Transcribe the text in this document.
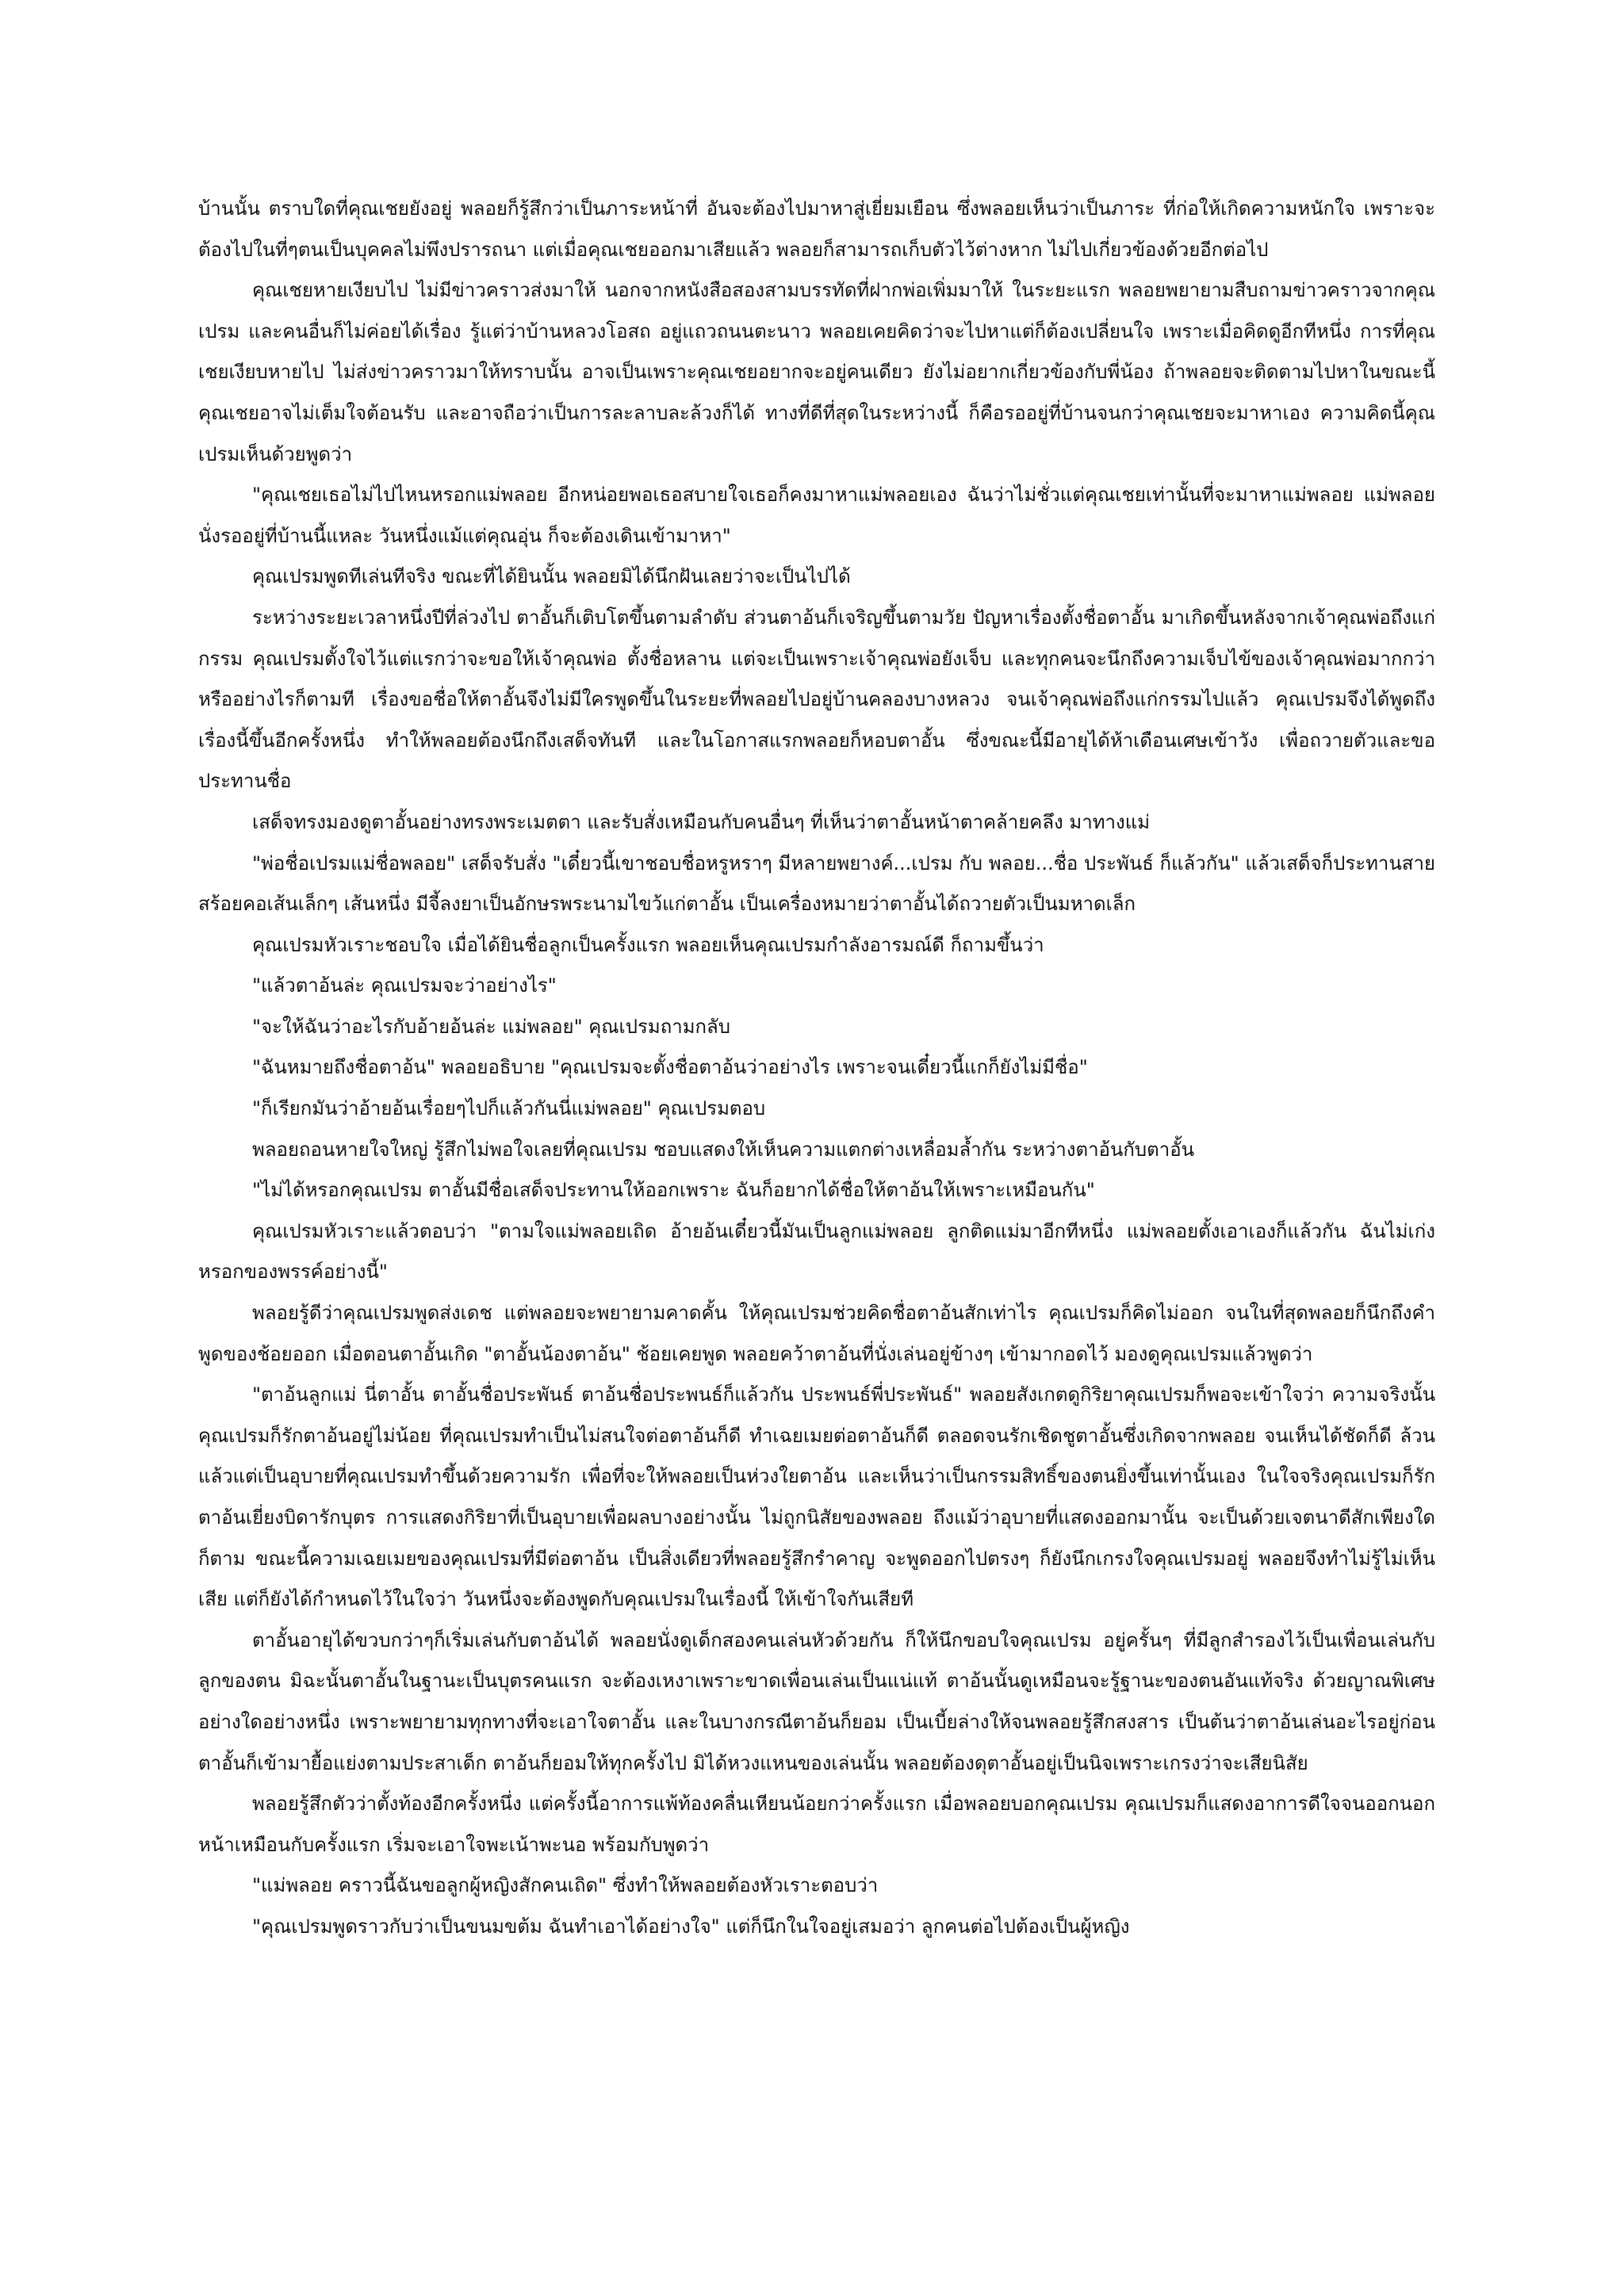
บ้านนั้น ตราบใดที่คุณเชยยังอยู่ พลอยก็รู้สึกว่าเป็นภาระหน้าที่ อันจะต้องไปมาหาสู่เยี่ยมเยือน ซึ่งพลอยเห็นว่าเป็นภาระ ที่ก่อให้เกิดความหนักใจ เพราะจะต้องไปในที่ๆตนเป็นบุคคลไม่พึงปรารถนา แต่เมื่อคุณเชยออกมาเสียแล้ว พลอยก็สามารถเก็บตัวไว้ต่างหาก ไม่ไปเกี่ยวข้องด้วยอีกต่อไป

คุณเชยหายเงียบไป ไม่มีข่าวคราวส่งมาให้ นอกจากหนังสือสองสามบรรทัดที่ฝากพ่อเพิ่มมาให้ ในระยะแรก พลอยพยายามสืบถามข่าวคราวจากคุณเปรม และคนอื่นก็ไม่ค่อยได้เรื่อง รู้แต่ว่าบ้านหลวงโอสถ อยู่แถวถนนตะนาว พลอยเคยคิดว่าจะไปหาแต่ก็ต้องเปลี่ยนใจ เพราะเมื่อคิดดูอีกทีหนึ่ง การที่คุณเชยเงียบหายไป ไม่ส่งข่าวคราวมาให้ทราบนั้น อาจเป็นเพราะคุณเชยอยากจะอยู่คนเดียว ยังไม่อยากเกี่ยวข้องกับพี่น้อง ถ้าพลอยจะติดตามไปหาในขณะนี้ คุณเชยอาจไม่เต็มใจต้อนรับ และอาจถือว่าเป็นการละลาบละล้วงก็ได้ ทางที่ดีที่สุดในระหว่างนี้ ก็คือรออยู่ที่บ้านจนกว่าคุณเชยจะมาหาเอง ความคิดนี้คุณเปรมเห็นด้วยพูดว่า

"คุณเชยเธอไม่ไปไหนหรอกแม่พลอย อีกหน่อยพอเธอสบายใจเธอก็คงมาหาแม่พลอยเอง ฉันว่าไม่ชั่วแต่คุณเชยเท่านั้นที่จะมาหาแม่พลอย แม่พลอยนั่งรออยู่ที่บ้านนี้แหละ วันหนึ่งแม้แต่คุณอุ่น ก็จะต้องเดินเข้ามาหา"

คุณเปรมพูดทีเล่นทีจริง ขณะที่ได้ยินนั้น พลอยมิได้นึกฝันเลยว่าจะเป็นไปได้

ระหว่างระยะเวลาหนึ่งปีที่ล่วงไป ตาอั้นก็เติบโตขึ้นตามลำดับ ส่วนตาอ้นก็เจริญขึ้นตามวัย ปัญหาเรื่องตั้งชื่อตาอั้น มาเกิดขึ้นหลังจากเจ้าคุณพ่อถึงแก่กรรม คุณเปรมตั้งใจไว้แต่แรกว่าจะขอให้เจ้าคุณพ่อ ตั้งชื่อหลาน แต่จะเป็นเพราะเจ้าคุณพ่อยังเจ็บ และทุกคนจะนึกถึงความเจ็บไข้ของเจ้าคุณพ่อมากกว่า หรืออย่างไรก็ตามที เรื่องขอชื่อให้ตาอั้นจึงไม่มีใครพูดขึ้นในระยะที่พลอยไปอยู่บ้านคลองบางหลวง จนเจ้าคุณพ่อถึงแก่กรรมไปแล้ว คุณเปรมจึงได้พูดถึงเรื่องนี้ขึ้นอีกครั้งหนึ่ง ทำให้พลอยต้องนึกถึงเสด็จทันที และในโอกาสแรกพลอยก็หอบตาอั้น ซึ่งขณะนี้มีอายุได้ห้าเดือนเศษเข้าวัง เพื่อถวายตัวและขอประทานชื่อ

เสด็จทรงมองดูตาอั้นอย่างทรงพระเมตตา และรับสั่งเหมือนกับคนอื่นๆ ที่เห็นว่าตาอั้นหน้าตาคล้ายคลึง มาทางแม่

"พ่อชื่อเปรมแม่ชื่อพลอย" เสด็จรับสั่ง "เดี๋ยวนี้เขาชอบชื่อหรูหราๆ มีหลายพยางค์...เปรม กับ พลอย...ชื่อ ประพันธ์ ก็แล้วกัน" แล้วเสด็จก็ประทานสายสร้อยคอเส้นเล็กๆ เส้นหนึ่ง มีจี้ลงยาเป็นอักษรพระนามไขว้แก่ตาอั้น เป็นเครื่องหมายว่าตาอั้นได้ถวายตัวเป็นมหาดเล็ก

คุณเปรมหัวเราะชอบใจ เมื่อได้ยินชื่อลูกเป็นครั้งแรก พลอยเห็นคุณเปรมกำลังอารมณ์ดี ก็ถามขึ้นว่า

"แล้วตาอ้นล่ะ คุณเปรมจะว่าอย่างไร"

"จะให้ฉันว่าอะไรกับอ้ายอ้นล่ะ แม่พลอย" คุณเปรมถามกลับ

"ฉันหมายถึงชื่อตาอ้น" พลอยอธิบาย "คุณเปรมจะตั้งชื่อตาอ้นว่าอย่างไร เพราะจนเดี๋ยวนี้แกก็ยังไม่มีชื่อ"

"ก็เรียกมันว่าอ้ายอ้นเรื่อยๆไปก็แล้วกันนี่แม่พลอย" คุณเปรมตอบ

พลอยถอนหายใจใหญ่ รู้สึกไม่พอใจเลยที่คุณเปรม ชอบแสดงให้เห็นความแตกต่างเหลื่อมล้ำกัน ระหว่างตาอ้นกับตาอั้น

"ไม่ได้หรอกคุณเปรม ตาอั้นมีชื่อเสด็จประทานให้ออกเพราะ ฉันก็อยากได้ชื่อให้ตาอ้นให้เพราะเหมือนกัน"

คุณเปรมหัวเราะแล้วตอบว่า "ตามใจแม่พลอยเถิด อ้ายอ้นเดี๋ยวนี้มันเป็นลูกแม่พลอย ลูกติดแม่มาอีกทีหนึ่ง แม่พลอยตั้งเอาเองก็แล้วกัน ฉันไม่เก่งหรอกของพรรค์อย่างนี้"

พลอยรู้ดีว่าคุณเปรมพูดส่งเดช แต่พลอยจะพยายามคาดคั้น ให้คุณเปรมช่วยคิดชื่อตาอ้นสักเท่าไร คุณเปรมก็คิดไม่ออก จนในที่สุดพลอยก็นึกถึงคำพูดของช้อยออก เมื่อตอนตาอั้นเกิด "ตาอั้นน้องตาอ้น" ช้อยเคยพูด พลอยคว้าตาอ้นที่นั่งเล่นอยู่ข้างๆ เข้ามากอดไว้ มองดูคุณเปรมแล้วพูดว่า

"ตาอ้นลูกแม่ นี่ตาอั้น ตาอั้นชื่อประพันธ์ ตาอ้นชื่อประพนธ์ก็แล้วกัน ประพนธ์พี่ประพันธ์" พลอยสังเกตดูกิริยาคุณเปรมก็พอจะเข้าใจว่า ความจริงนั้นคุณเปรมก็รักตาอ้นอยู่ไม่น้อย ที่คุณเปรมทำเป็นไม่สนใจต่อตาอ้นก็ดี ทำเฉยเมยต่อตาอ้นก็ดี ตลอดจนรักเชิดชูตาอั้นซึ่งเกิดจากพลอย จนเห็นได้ชัดก็ดี ล้วนแล้วแต่เป็นอุบายที่คุณเปรมทำขึ้นด้วยความรัก เพื่อที่จะให้พลอยเป็นห่วงใยตาอ้น และเห็นว่าเป็นกรรมสิทธิ์ของตนยิ่งขึ้นเท่านั้นเอง ในใจจริงคุณเปรมก็รักตาอ้นเยี่ยงบิดารักบุตร การแสดงกิริยาที่เป็นอุบายเพื่อผลบางอย่างนั้น ไม่ถูกนิสัยของพลอย ถึงแม้ว่าอุบายที่แสดงออกมานั้น จะเป็นด้วยเจตนาดีสักเพียงใดก็ตาม ขณะนี้ความเฉยเมยของคุณเปรมที่มีต่อตาอ้น เป็นสิ่งเดียวที่พลอยรู้สึกรำคาญ จะพูดออกไปตรงๆ ก็ยังนึกเกรงใจคุณเปรมอยู่ พลอยจึงทำไม่รู้ไม่เห็นเสีย แต่ก็ยังได้กำหนดไว้ในใจว่า วันหนึ่งจะต้องพูดกับคุณเปรมในเรื่องนี้ ให้เข้าใจกันเสียที

ตาอั้นอายุได้ขวบกว่าๆก็เริ่มเล่นกับตาอ้นได้ พลอยนั่งดูเด็กสองคนเล่นหัวด้วยกัน ก็ให้นึกขอบใจคุณเปรม อยู่ครั้นๆ ที่มีลูกสำรองไว้เป็นเพื่อนเล่นกับลูกของตน มิฉะนั้นตาอั้นในฐานะเป็นบุตรคนแรก จะต้องเหงาเพราะขาดเพื่อนเล่นเป็นแน่แท้ ตาอ้นนั้นดูเหมือนจะรู้ฐานะของตนอันแท้จริง ด้วยญาณพิเศษอย่างใดอย่างหนึ่ง เพราะพยายามทุกทางที่จะเอาใจตาอั้น และในบางกรณีตาอ้นก็ยอม เป็นเบี้ยล่างให้จนพลอยรู้สึกสงสาร เป็นต้นว่าตาอ้นเล่นอะไรอยู่ก่อน ตาอั้นก็เข้ามายื้อแย่งตามประสาเด็ก ตาอ้นก็ยอมให้ทุกครั้งไป มิได้หวงแหนของเล่นนั้น พลอยต้องดุตาอั้นอยู่เป็นนิจเพราะเกรงว่าจะเสียนิสัย

พลอยรู้สึกตัวว่าตั้งท้องอีกครั้งหนึ่ง แต่ครั้งนี้อาการแพ้ท้องคลื่นเหียนน้อยกว่าครั้งแรก เมื่อพลอยบอกคุณเปรม คุณเปรมก็แสดงอาการดีใจจนออกนอกหน้าเหมือนกับครั้งแรก เริ่มจะเอาใจพะเน้าพะนอ พร้อมกับพูดว่า

"แม่พลอย คราวนี้ฉันขอลูกผู้หญิงสักคนเถิด" ซึ่งทำให้พลอยต้องหัวเราะตอบว่า

"คุณเปรมพูดราวกับว่าเป็นขนมขต้ม ฉันทำเอาได้อย่างใจ" แต่ก็นึกในใจอยู่เสมอว่า ลูกคนต่อไปต้องเป็นผู้หญิง
